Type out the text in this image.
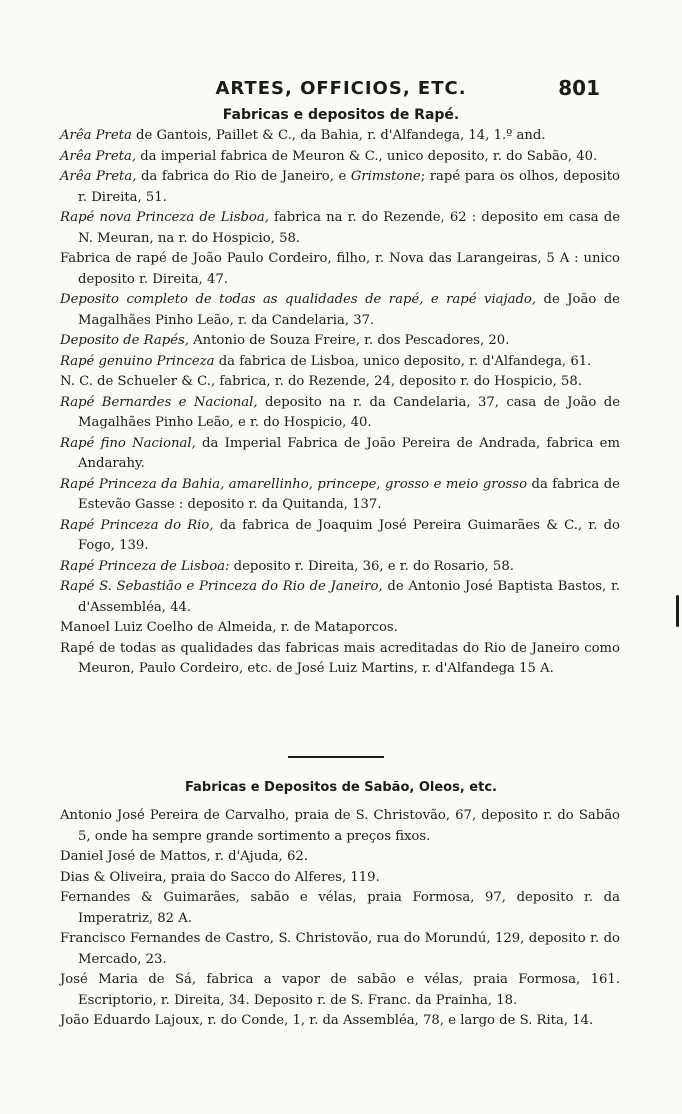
ARTES, OFFICIOS, ETC.	801
Fabricas e depositos de Rapé.
Arêa Preta de Gantois, Paillet & C., da Bahia, r. d'Alfandega, 14, 1.º and.
Arêa Preta, da imperial fabrica de Meuron & C., unico deposito, r. do Sabão, 40.
Arêa Preta, da fabrica do Rio de Janeiro, e Grimstone; rapé para os olhos, deposito r. Direita, 51.
Rapé nova Princeza de Lisboa, fabrica na r. do Rezende, 62 : deposito em casa de N. Meuran, na r. do Hospicio, 58.
Fabrica de rapé de João Paulo Cordeiro, filho, r. Nova das Larangeiras, 5 A : unico deposito r. Direita, 47.
Deposito completo de todas as qualidades de rapé, e rapé viajado, de João de Magalhães Pinho Leão, r. da Candelaria, 37.
Deposito de Rapés, Antonio de Souza Freire, r. dos Pescadores, 20.
Rapé genuino Princeza da fabrica de Lisboa, unico deposito, r. d'Alfandega, 61.
N. C. de Schueler & C., fabrica, r. do Rezende, 24, deposito r. do Hospicio, 58.
Rapé Bernardes e Nacional, deposito na r. da Candelaria, 37, casa de João de Magalhães Pinho Leão, e r. do Hospicio, 40.
Rapé fino Nacional, da Imperial Fabrica de João Pereira de Andrada, fabrica em Andarahy.
Rapé Princeza da Bahia, amarellinho, princepe, grosso e meio grosso da fabrica de Estevão Gasse : deposito r. da Quitanda, 137.
Rapé Princeza do Rio, da fabrica de Joaquim José Pereira Guimarães & C., r. do Fogo, 139.
Rapé Princeza de Lisboa: deposito r. Direita, 36, e r. do Rosario, 58.
Rapé S. Sebastião e Princeza do Rio de Janeiro, de Antonio José Baptista Bastos, r. d'Assembléa, 44.
Manoel Luiz Coelho de Almeida, r. de Mataporcos.
Rapé de todas as qualidades das fabricas mais acreditadas do Rio de Janeiro como Meuron, Paulo Cordeiro, etc. de José Luiz Martins, r. d'Alfandega 15 A.
Fabricas e Depositos de Sabão, Oleos, etc.
Antonio José Pereira de Carvalho, praia de S. Christovão, 67, deposito r. do Sabão 5, onde ha sempre grande sortimento a preços fixos.
Daniel José de Mattos, r. d'Ajuda, 62.
Dias & Oliveira, praia do Sacco do Alferes, 119.
Fernandes & Guimarães, sabão e vélas, praia Formosa, 97, deposito r. da Imperatriz, 82 A.
Francisco Fernandes de Castro, S. Christovão, rua do Morundú, 129, deposito r. do Mercado, 23.
José Maria de Sá, fabrica a vapor de sabão e vélas, praia Formosa, 161. Escriptorio, r. Direita, 34. Deposito r. de S. Franc. da Prainha, 18.
João Eduardo Lajoux, r. do Conde, 1, r. da Assembléa, 78, e largo de S. Rita, 14.
